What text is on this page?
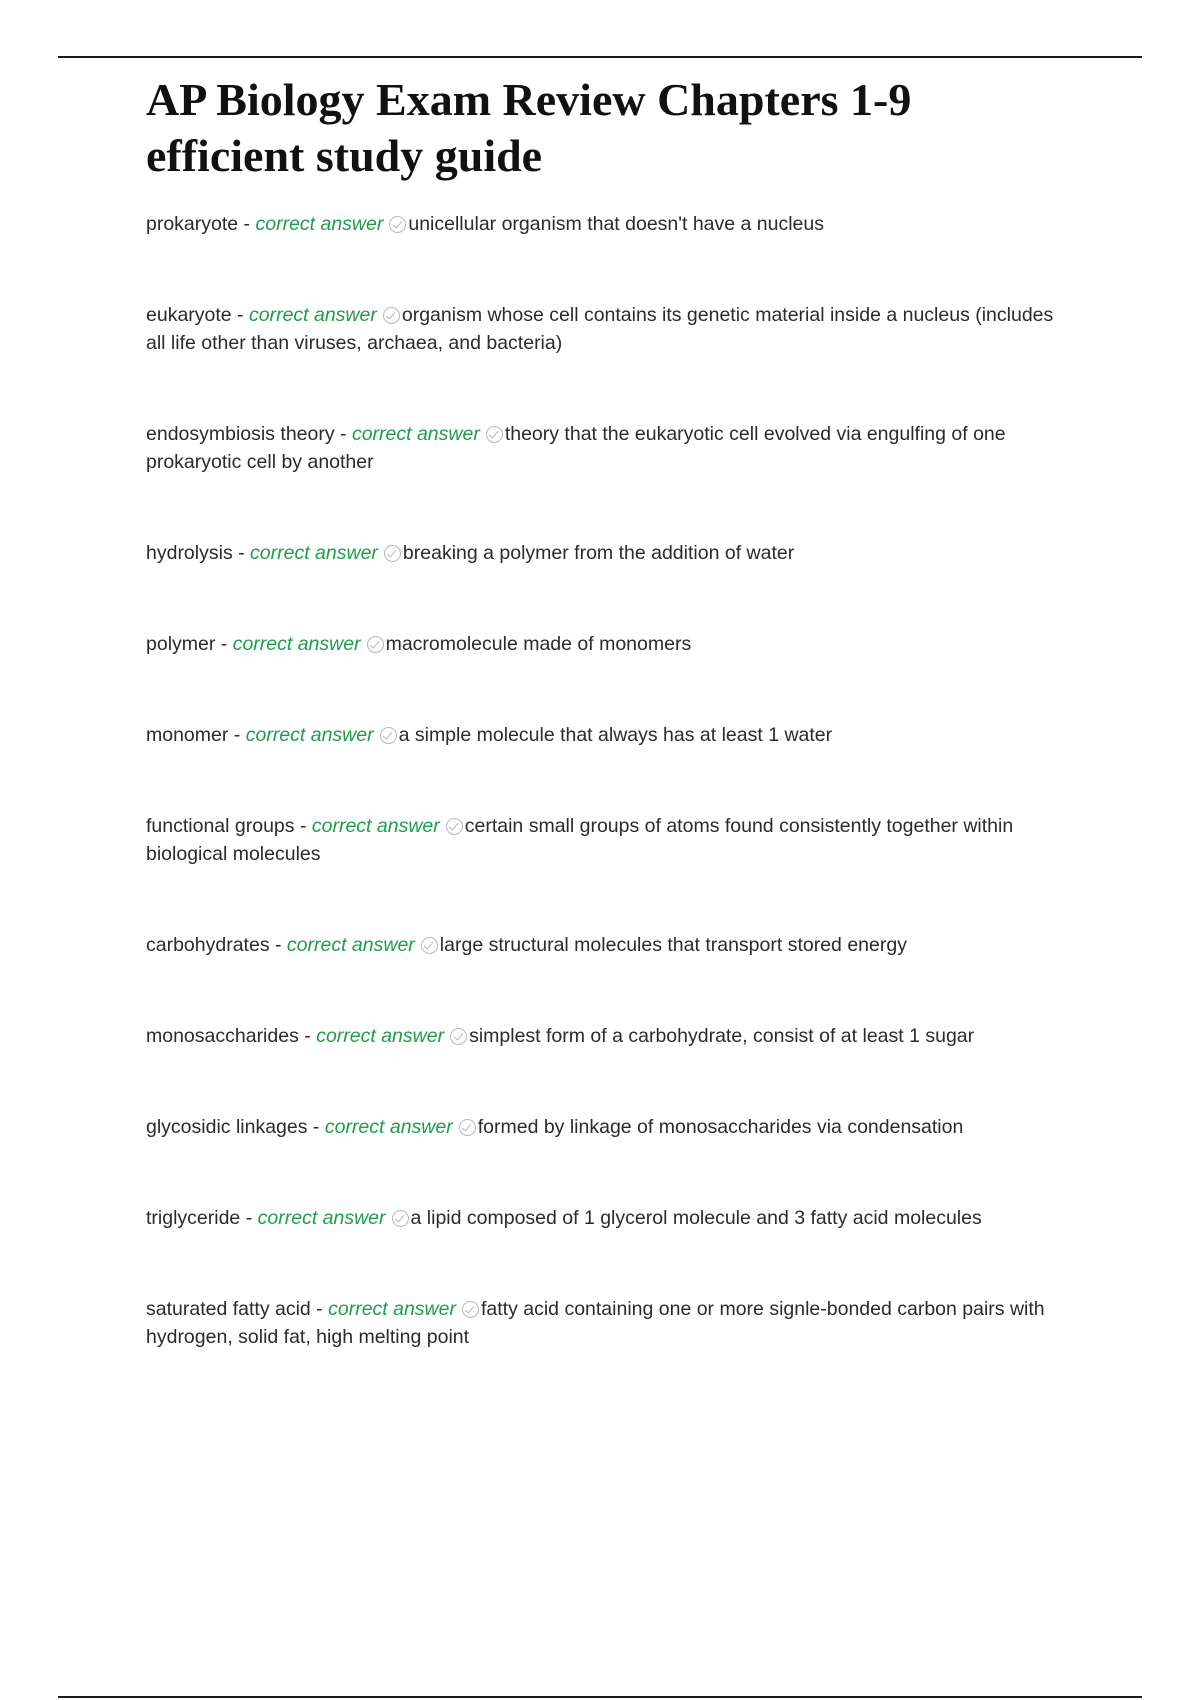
AP Biology Exam Review Chapters 1-9 efficient study guide

prokaryote - correct answer unicellular organism that doesn't have a nucleus

eukaryote - correct answer organism whose cell contains its genetic material inside a nucleus (includes all life other than viruses, archaea, and bacteria)

endosymbiosis theory - correct answer theory that the eukaryotic cell evolved via engulfing of one prokaryotic cell by another

hydrolysis - correct answer breaking a polymer from the addition of water

polymer - correct answer macromolecule made of monomers

monomer - correct answer a simple molecule that always has at least 1 water

functional groups - correct answer certain small groups of atoms found consistently together within biological molecules

carbohydrates - correct answer large structural molecules that transport stored energy

monosaccharides - correct answer simplest form of a carbohydrate, consist of at least 1 sugar

glycosidic linkages - correct answer formed by linkage of monosaccharides via condensation

triglyceride - correct answer a lipid composed of 1 glycerol molecule and 3 fatty acid molecules

saturated fatty acid - correct answer fatty acid containing one or more signle-bonded carbon pairs with hydrogen, solid fat, high melting point
